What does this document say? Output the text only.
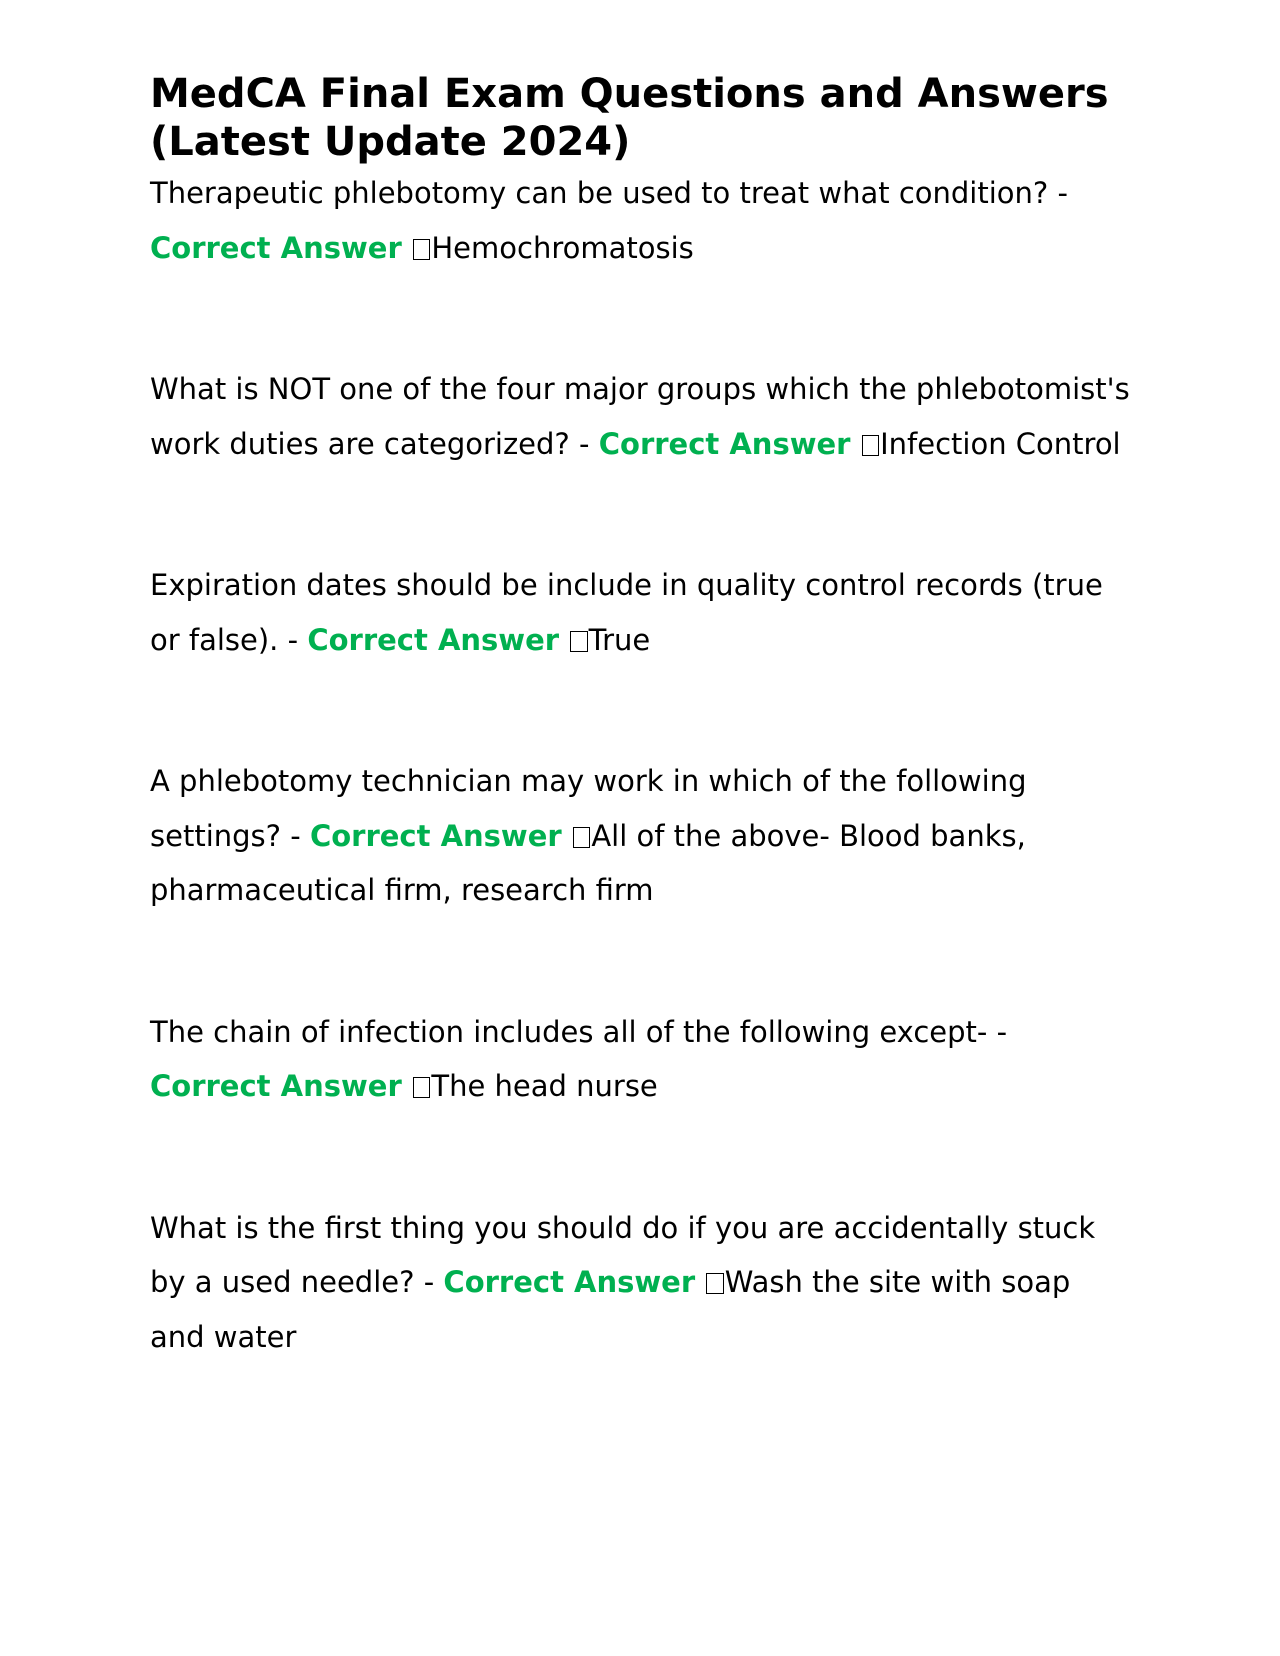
MedCA Final Exam Questions and Answers (Latest Update 2024)

Therapeutic phlebotomy can be used to treat what condition? - Correct Answer Hemochromatosis

What is NOT one of the four major groups which the phlebotomist's work duties are categorized? - Correct Answer Infection Control

Expiration dates should be include in quality control records (true or false). - Correct Answer True

A phlebotomy technician may work in which of the following settings? - Correct Answer All of the above- Blood banks, pharmaceutical firm, research firm

The chain of infection includes all of the following except- - Correct Answer The head nurse

What is the first thing you should do if you are accidentally stuck by a used needle? - Correct Answer Wash the site with soap and water
